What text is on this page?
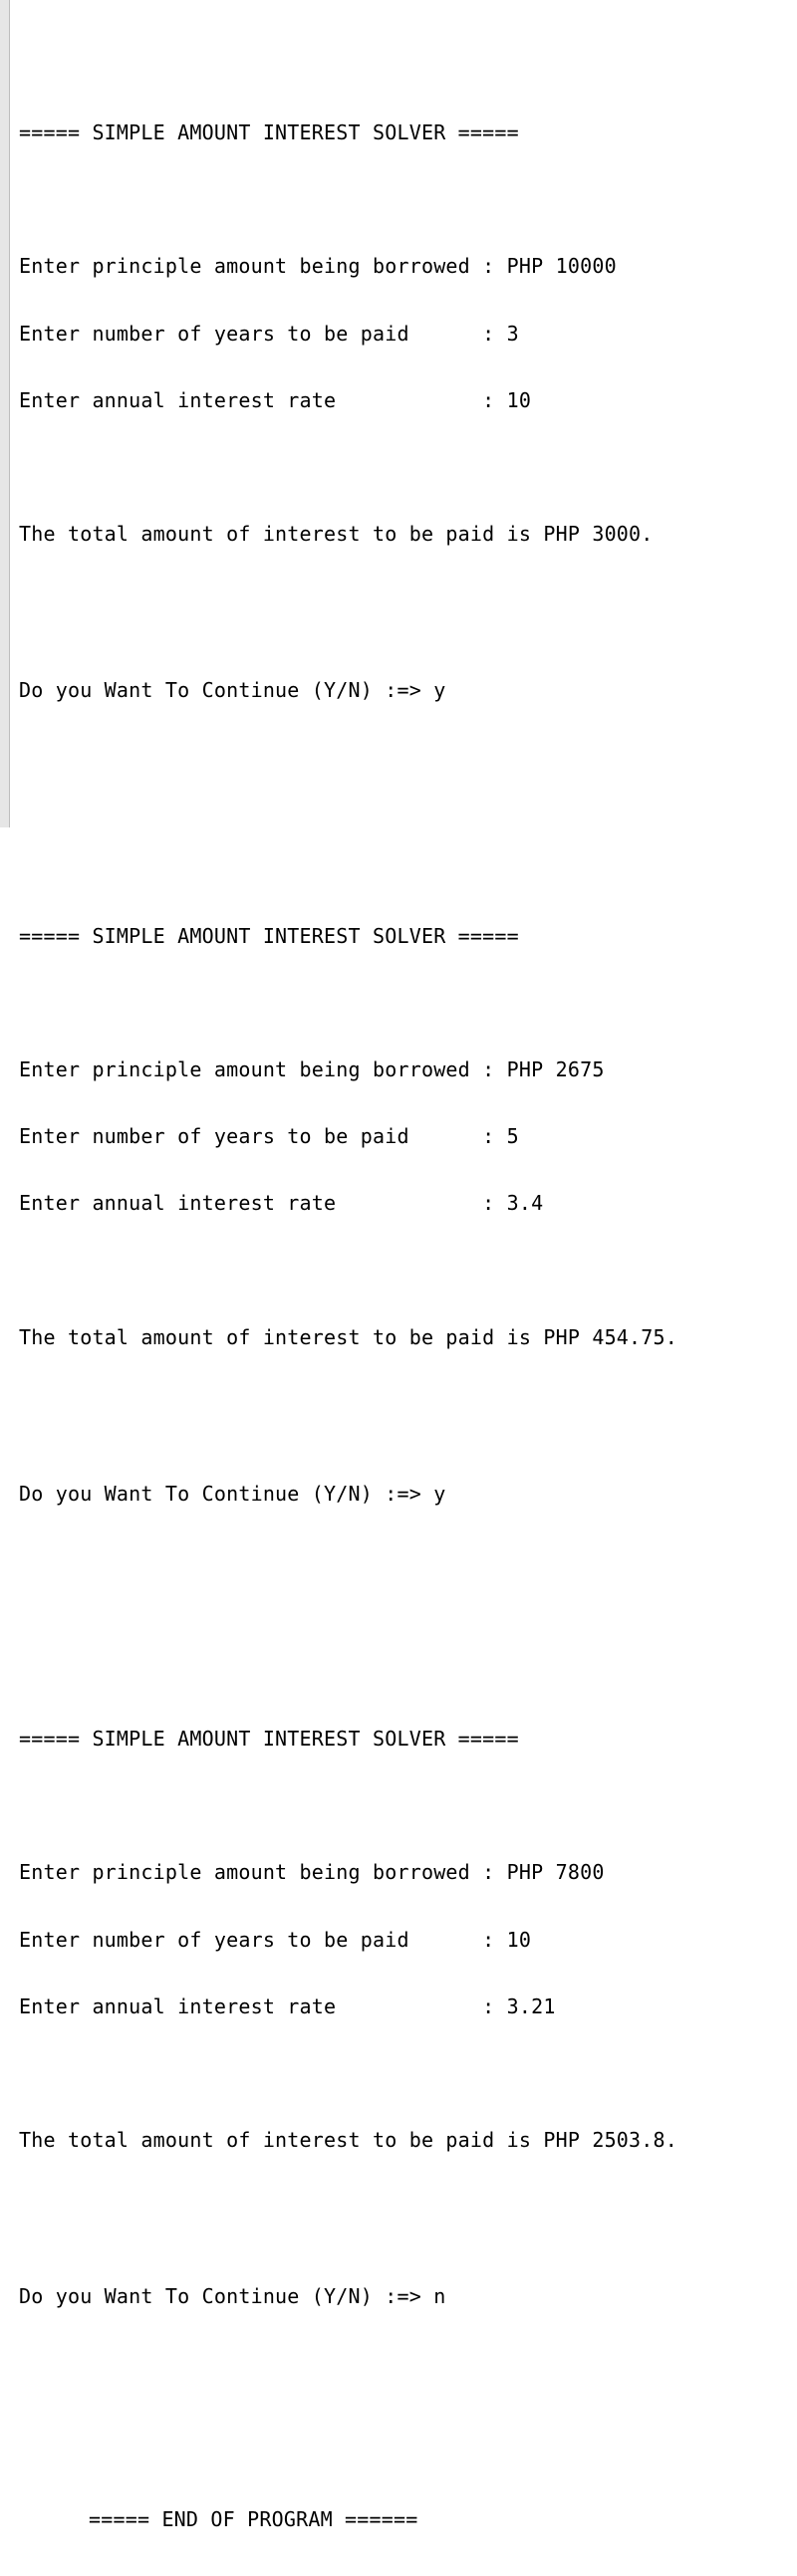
===== SIMPLE AMOUNT INTEREST SOLVER =====

Enter principle amount being borrowed : PHP 10000

Enter number of years to be paid      : 3

Enter annual interest rate            : 10

The total amount of interest to be paid is PHP 3000.

Do you Want To Continue (Y/N) :=> y

===== SIMPLE AMOUNT INTEREST SOLVER =====

Enter principle amount being borrowed : PHP 2675

Enter number of years to be paid      : 5

Enter annual interest rate            : 3.4

The total amount of interest to be paid is PHP 454.75.

Do you Want To Continue (Y/N) :=> y

===== SIMPLE AMOUNT INTEREST SOLVER =====

Enter principle amount being borrowed : PHP 7800

Enter number of years to be paid      : 10

Enter annual interest rate            : 3.21

The total amount of interest to be paid is PHP 2503.8.

Do you Want To Continue (Y/N) :=> n

===== END OF PROGRAM ======
